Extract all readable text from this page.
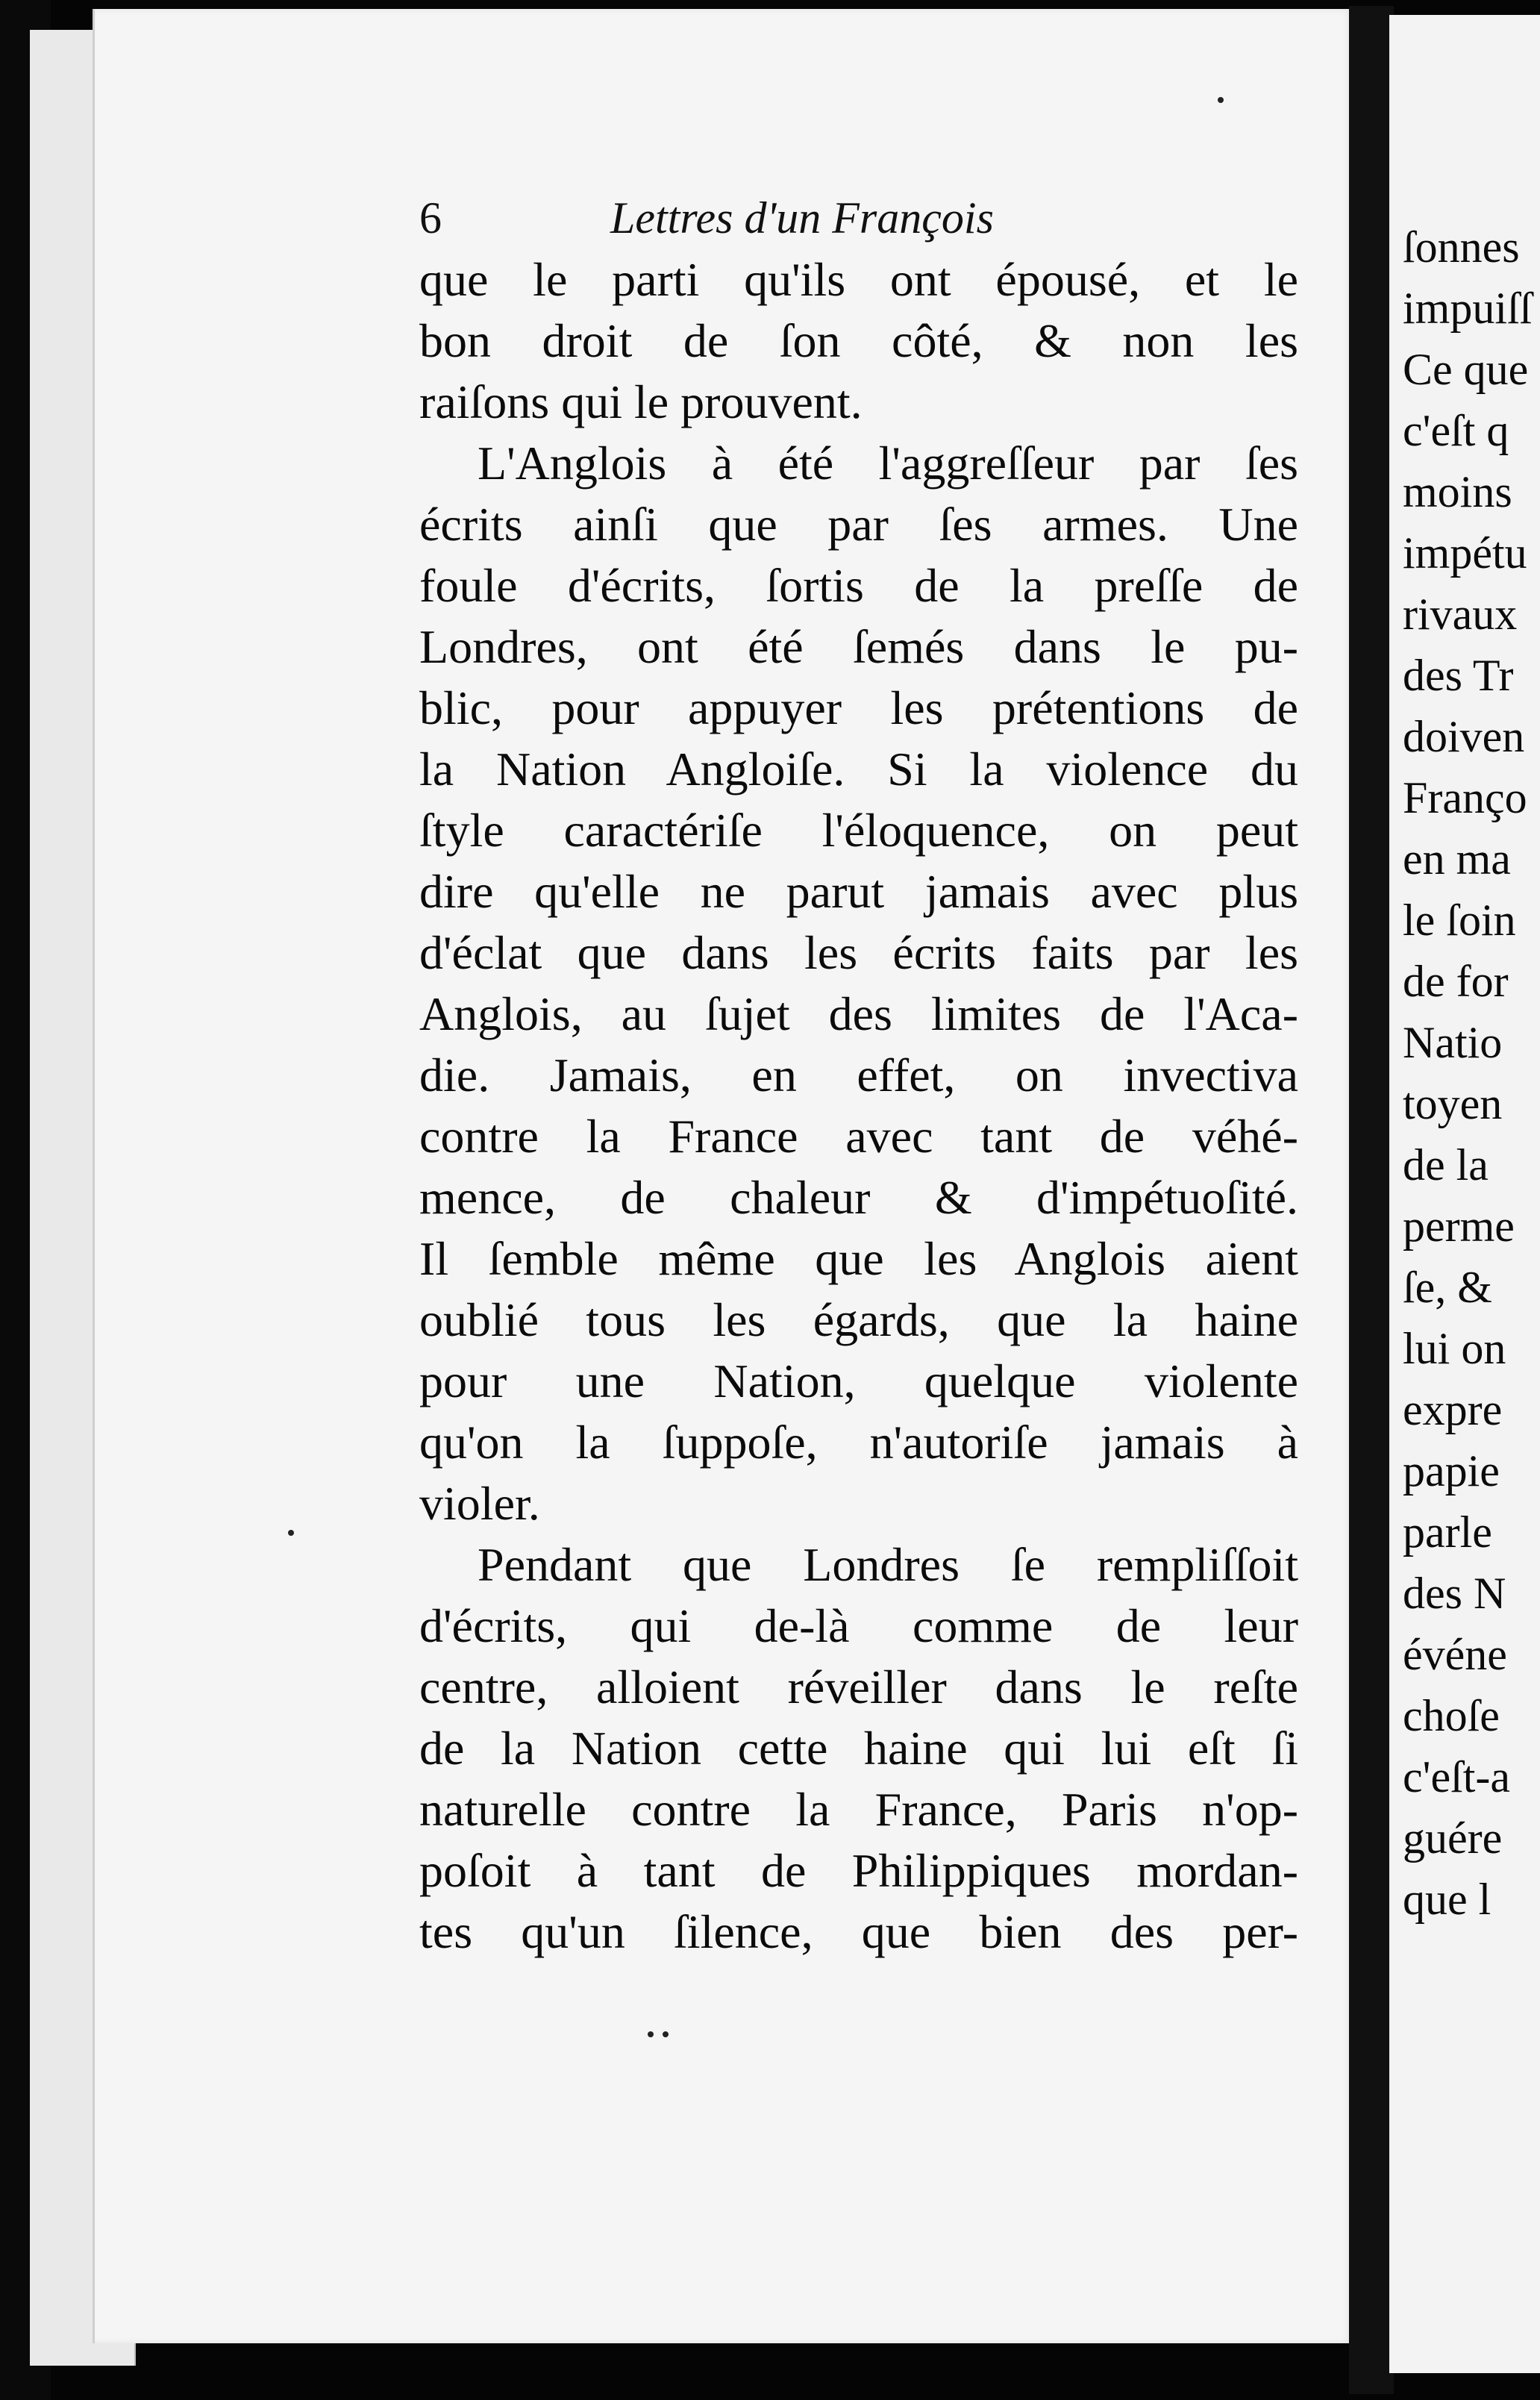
6	Lettres d'un François
que le parti qu'ils ont épousé, et le
bon droit de ſon côté, & non les
raiſons qui le prouvent.
L'Anglois à été l'aggreſſeur par ſes
écrits ainſi que par ſes armes. Une
foule d'écrits, ſortis de la preſſe de
Londres, ont été ſemés dans le pu-
blic, pour appuyer les prétentions de
la Nation Angloiſe. Si la violence du
ſtyle caractériſe l'éloquence, on peut
dire qu'elle ne parut jamais avec plus
d'éclat que dans les écrits faits par les
Anglois, au ſujet des limites de l'Aca-
die. Jamais, en effet, on invectiva
contre la France avec tant de véhé-
mence, de chaleur & d'impétuoſité.
Il ſemble même que les Anglois aient
oublié tous les égards, que la haine
pour une Nation, quelque violente
qu'on la ſuppoſe, n'autoriſe jamais à
violer.
Pendant que Londres ſe rempliſſoit
d'écrits, qui de-là comme de leur
centre, alloient réveiller dans le reſte
de la Nation cette haine qui lui eſt ſi
naturelle contre la France, Paris n'op-
poſoit à tant de Philippiques mordan-
tes qu'un ſilence, que bien des per-
ſonnes
impuiſſ
Ce que
c'eſt q
moins
impétu
rivaux
des Tr
doiven
Franço
en ma
le ſoin
de for
Natio
toyen
de la
perme
ſe, &
lui on
expre
papie
parle
des N
événe
choſe
c'eſt-a
guére
que l
